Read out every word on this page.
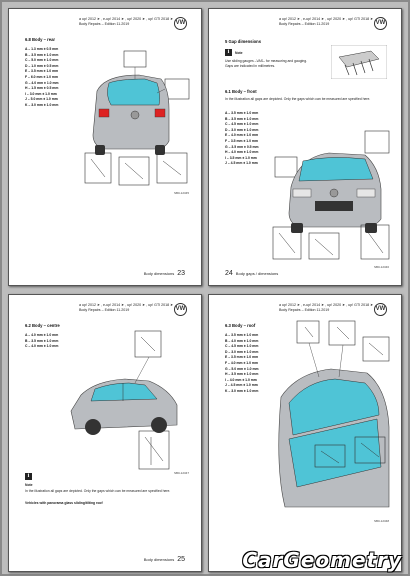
a up! 2012 ➤ , e-up! 2014 ➤ , up! 2020 ➤ , up! GTI 2018 ➤
Body Repairs – Edition 11.2019	VW
6.8 Body – rear
A – 1.3 mm ± 0.5 mm
B – 3.5 mm ± 1.0 mm
C – 5.0 mm ± 1.0 mm
D – 1.0 mm ± 0.5 mm
E – 3.5 mm ± 1.0 mm
F – 6.0 mm ± 1.0 mm
G – 4.0 mm ± 1.0 mm
H – 1.5 mm ± 0.5 mm
I – 3.0 mm ± 1.0 mm
J – 5.0 mm ± 1.0 mm
K – 3.0 mm ± 1.0 mm
SB0-12345
Body dimensions 23
a up! 2012 ➤ , e-up! 2014 ➤ , up! 2020 ➤ , up! GTI 2018 ➤
Body Repairs – Edition 11.2019	VW
5 Gap dimensions
i	Note
Use sliding gauges –VAS– for measuring and gauging.
Gaps are indicated in millimetres.
6.1 Body – front
In the illustration all gaps are depicted. Only the gaps which can be measured are specified here.
A – 3.5 mm ± 1.0 mm
B – 3.5 mm ± 1.0 mm
C – 4.5 mm ± 1.0 mm
D – 3.0 mm ± 1.0 mm
E – 4.0 mm ± 1.0 mm
F – 3.5 mm ± 1.0 mm
G – 3.5 mm ± 0.5 mm
H – 4.0 mm ± 1.0 mm
I – 3.5 mm ± 1.0 mm
J – 4.5 mm ± 1.0 mm
SB0-12346
24 Body gaps / dimensions
a up! 2012 ➤ , e-up! 2014 ➤ , up! 2020 ➤ , up! GTI 2018 ➤
Body Repairs – Edition 11.2019	VW
6.2 Body – centre
A – 4.0 mm ± 1.0 mm
B – 3.5 mm ± 1.0 mm
C – 4.0 mm ± 1.0 mm
SB0-12347
i
Note
In the illustration all gaps are depicted. Only the gaps which can be measured are specified here.
Vehicles with panorama glass sliding/tilting roof
Body dimensions 25
a up! 2012 ➤ , e-up! 2014 ➤ , up! 2020 ➤ , up! GTI 2018 ➤
Body Repairs – Edition 11.2019	VW
6.3 Body – roof
A – 3.5 mm ± 1.0 mm
B – 4.0 mm ± 1.0 mm
C – 4.5 mm ± 1.0 mm
D – 3.0 mm ± 1.0 mm
E – 3.5 mm ± 1.0 mm
F – 4.0 mm ± 1.0 mm
G – 5.0 mm ± 1.0 mm
H – 3.5 mm ± 1.0 mm
I – 4.0 mm ± 1.0 mm
J – 4.5 mm ± 1.0 mm
K – 3.0 mm ± 1.0 mm
SB0-12348
CarGeometry
